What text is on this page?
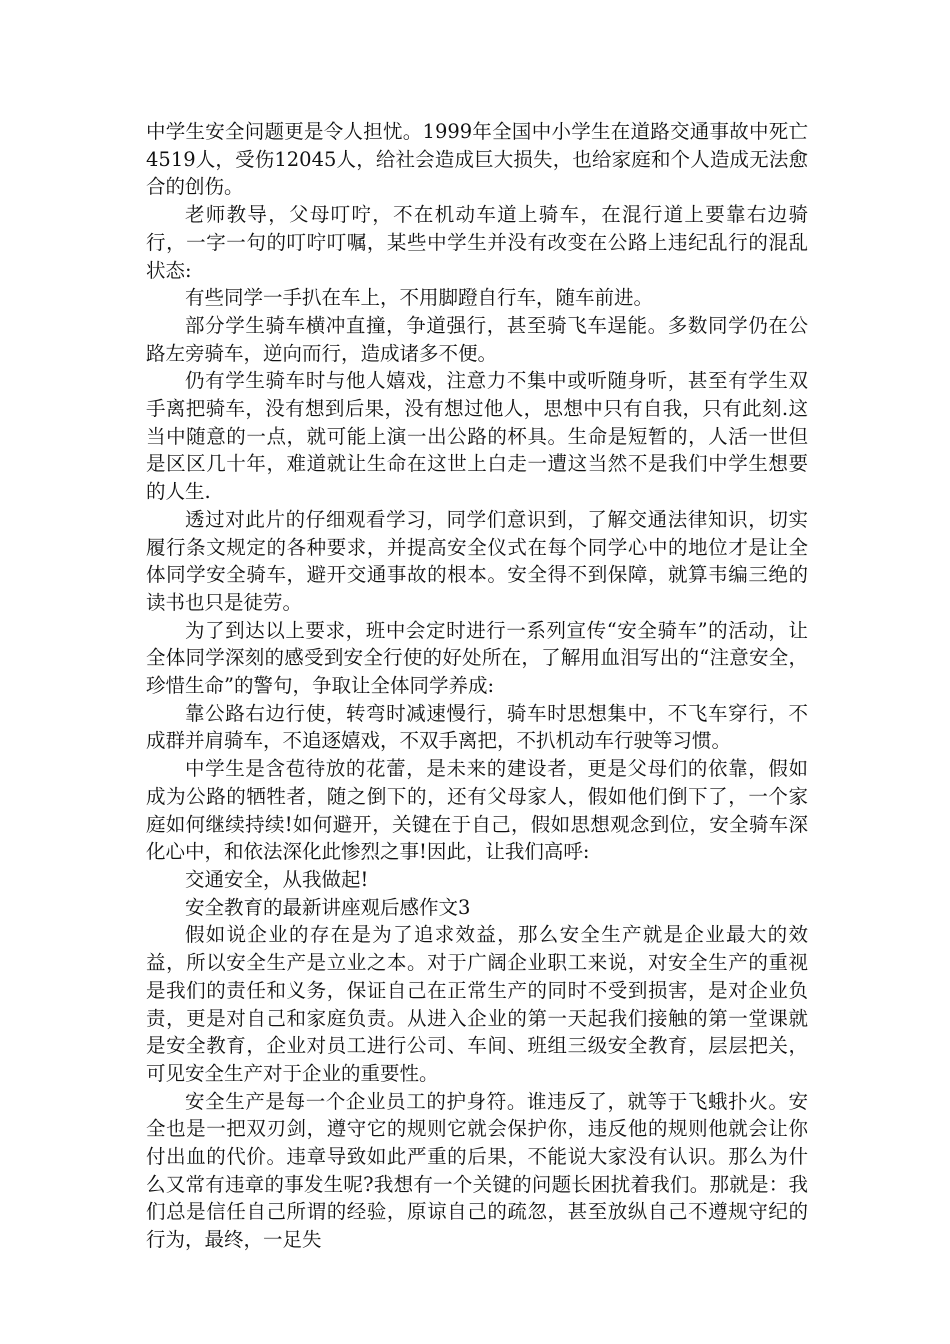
中学生安全问题更是令人担忧。1999年全国中小学生在道路交通事故中死亡4519人，受伤12045人，给社会造成巨大损失，也给家庭和个人造成无法愈合的创伤。

老师教导，父母叮咛，不在机动车道上骑车，在混行道上要靠右边骑行，一字一句的叮咛叮嘱，某些中学生并没有改变在公路上违纪乱行的混乱状态:

有些同学一手扒在车上，不用脚蹬自行车，随车前进。

部分学生骑车横冲直撞，争道强行，甚至骑飞车逞能。多数同学仍在公路左旁骑车，逆向而行，造成诸多不便。

仍有学生骑车时与他人嬉戏，注意力不集中或听随身听，甚至有学生双手离把骑车，没有想到后果，没有想过他人，思想中只有自我，只有此刻.这当中随意的一点，就可能上演一出公路的杯具。生命是短暂的，人活一世但是区区几十年，难道就让生命在这世上白走一遭这当然不是我们中学生想要的人生.

透过对此片的仔细观看学习，同学们意识到，了解交通法律知识，切实履行条文规定的各种要求，并提高安全仪式在每个同学心中的地位才是让全体同学安全骑车，避开交通事故的根本。安全得不到保障，就算韦编三绝的读书也只是徒劳。

为了到达以上要求，班中会定时进行一系列宣传“安全骑车”的活动，让全体同学深刻的感受到安全行使的好处所在，了解用血泪写出的“注意安全，珍惜生命”的警句，争取让全体同学养成:

靠公路右边行使，转弯时减速慢行，骑车时思想集中，不飞车穿行，不成群并肩骑车，不追逐嬉戏，不双手离把，不扒机动车行驶等习惯。

中学生是含苞待放的花蕾，是未来的建设者，更是父母们的依靠，假如成为公路的牺牲者，随之倒下的，还有父母家人，假如他们倒下了，一个家庭如何继续持续!如何避开，关键在于自己，假如思想观念到位，安全骑车深化心中，和依法深化此惨烈之事!因此，让我们高呼:

交通安全，从我做起!

安全教育的最新讲座观后感作文3

假如说企业的存在是为了追求效益，那么安全生产就是企业最大的效益，所以安全生产是立业之本。对于广阔企业职工来说，对安全生产的重视是我们的责任和义务，保证自己在正常生产的同时不受到损害，是对企业负责，更是对自己和家庭负责。从进入企业的第一天起我们接触的第一堂课就是安全教育，企业对员工进行公司、车间、班组三级安全教育，层层把关，可见安全生产对于企业的重要性。

安全生产是每一个企业员工的护身符。谁违反了，就等于飞蛾扑火。安全也是一把双刃剑，遵守它的规则它就会保护你，违反他的规则他就会让你付出血的代价。违章导致如此严重的后果，不能说大家没有认识。那么为什么又常有违章的事发生呢?我想有一个关键的问题长困扰着我们。那就是：我们总是信任自己所谓的经验，原谅自己的疏忽，甚至放纵自己不遵规守纪的行为，最终，一足失
